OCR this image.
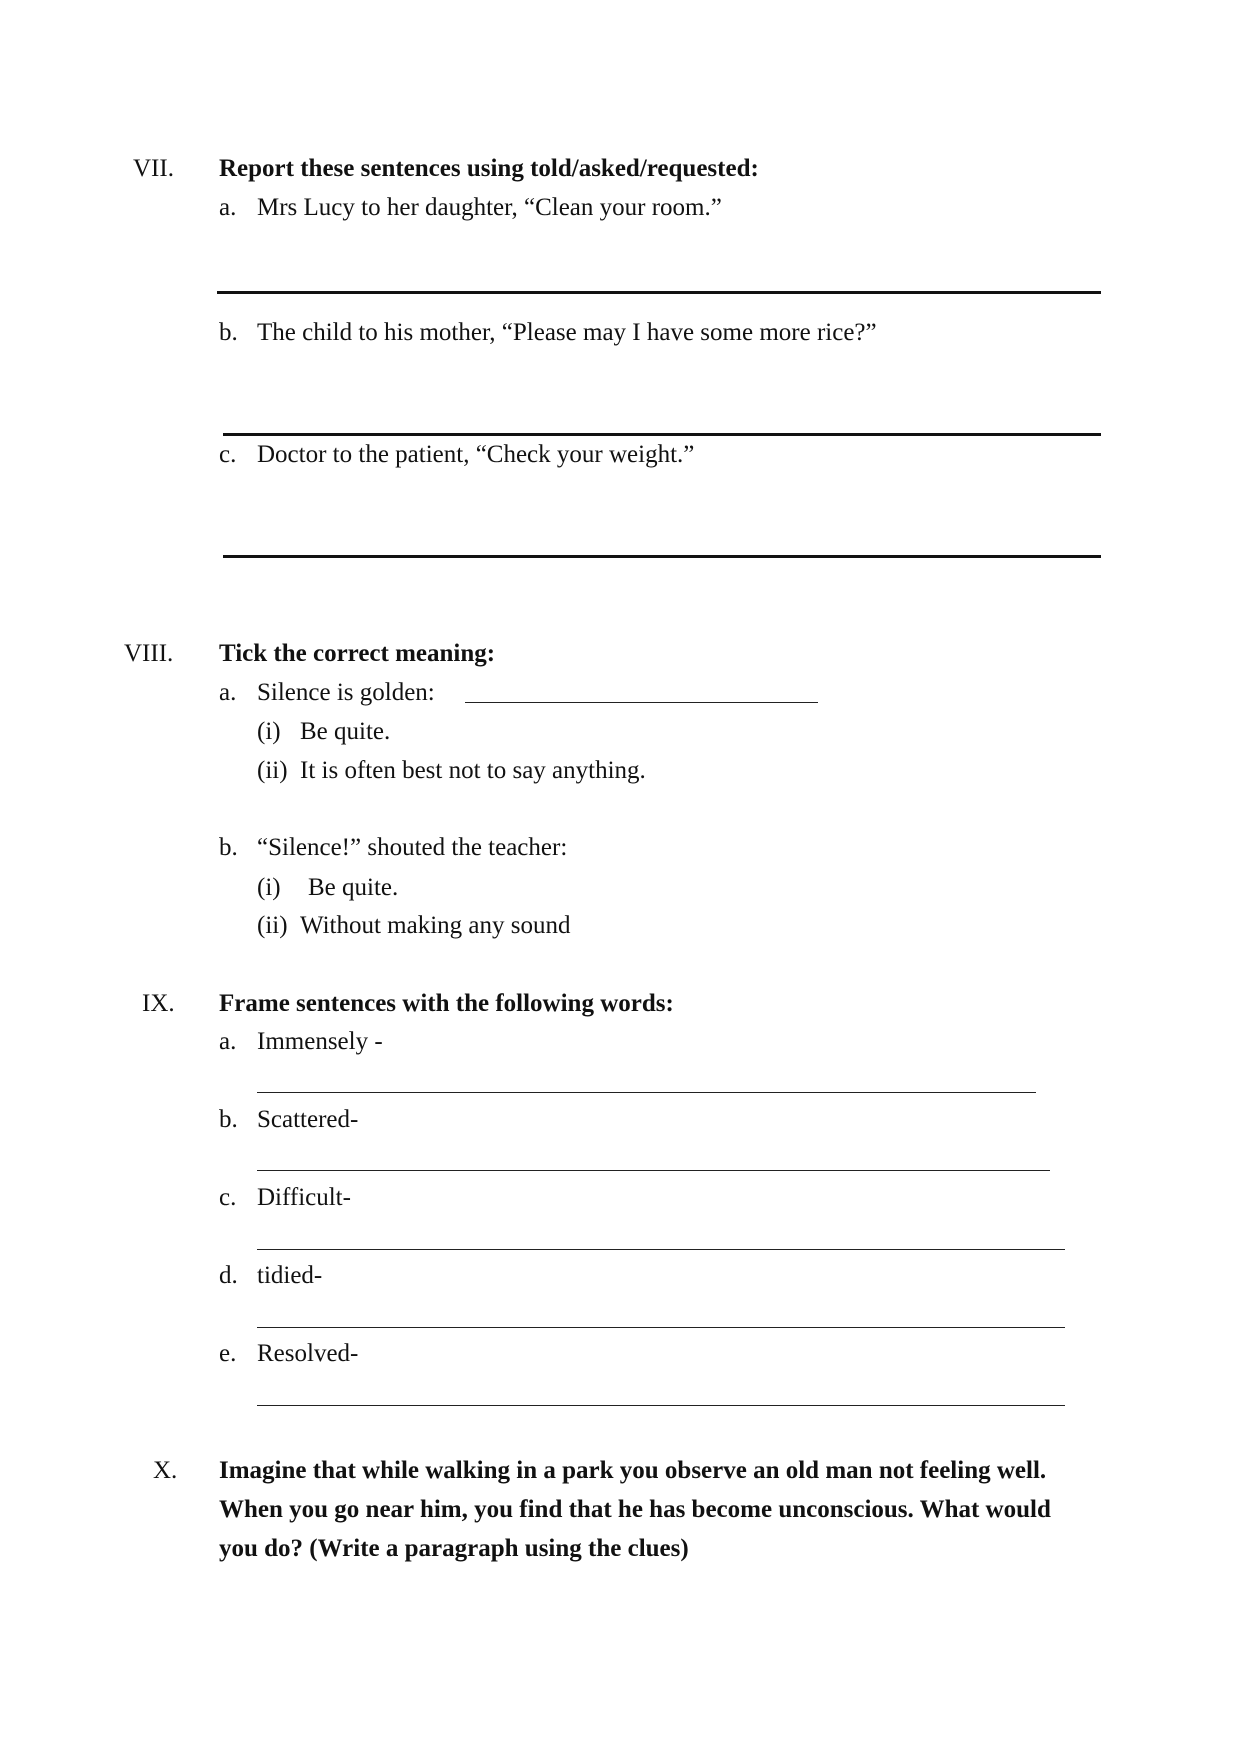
VII. Report these sentences using told/asked/requested:
a. Mrs Lucy to her daughter, “Clean your room.”
b. The child to his mother, “Please may I have some more rice?”
c. Doctor to the patient, “Check your weight.”
VIII. Tick the correct meaning:
a. Silence is golden:
(i) Be quite.
(ii) It is often best not to say anything.
b. “Silence!” shouted the teacher:
(i) Be quite.
(ii) Without making any sound
IX. Frame sentences with the following words:
a. Immensely -
b. Scattered-
c. Difficult-
d. tidied-
e. Resolved-
X. Imagine that while walking in a park you observe an old man not feeling well. When you go near him, you find that he has become unconscious. What would you do? (Write a paragraph using the clues)
